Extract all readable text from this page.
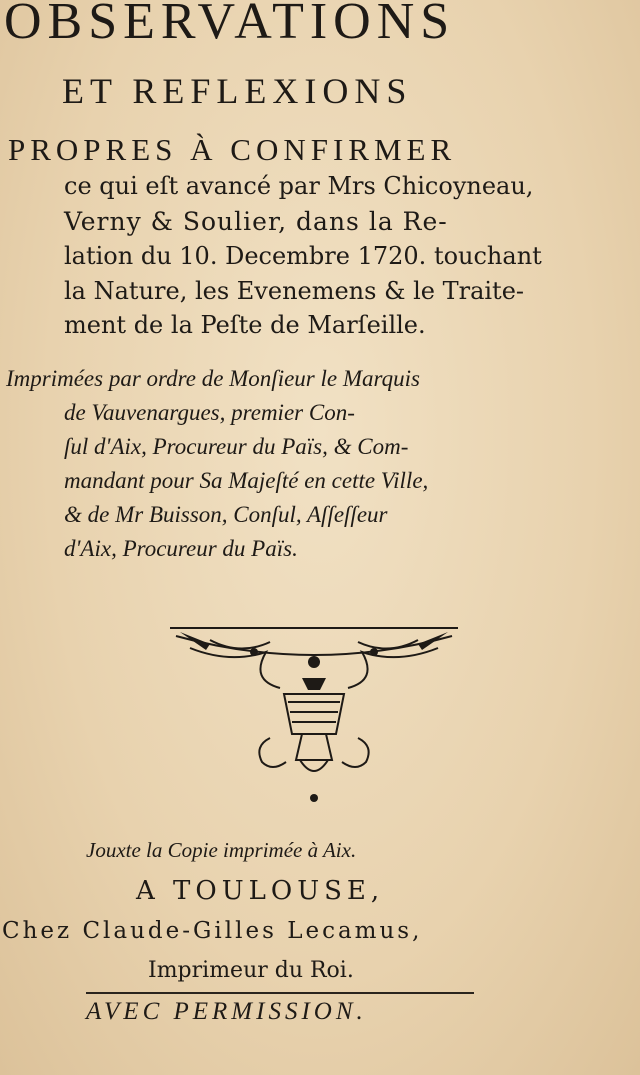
OBSERVATIONS
ET REFLEXIONS
PROPRES À CONFIRMER
ce qui eſt avancé par Mrs Chicoyneau,
Verny & Soulier, dans la Re-
lation du 10. Decembre 1720. touchant
la Nature, les Evenemens & le Traite-
ment de la Peſte de Marſeille.
Imprimées par ordre de Monſieur le Marquis
de Vauvenargues, premier Con-
ſul d'Aix, Procureur du Païs, & Com-
mandant pour Sa Majeſté en cette Ville,
& de Mr Buisson, Conſul, Aſſeſſeur
d'Aix, Procureur du Païs.
Jouxte la Copie imprimée à Aix.
A TOULOUSE,
Chez Claude-Gilles Lecamus,
Imprimeur du Roi.
AVEC PERMISSION.
